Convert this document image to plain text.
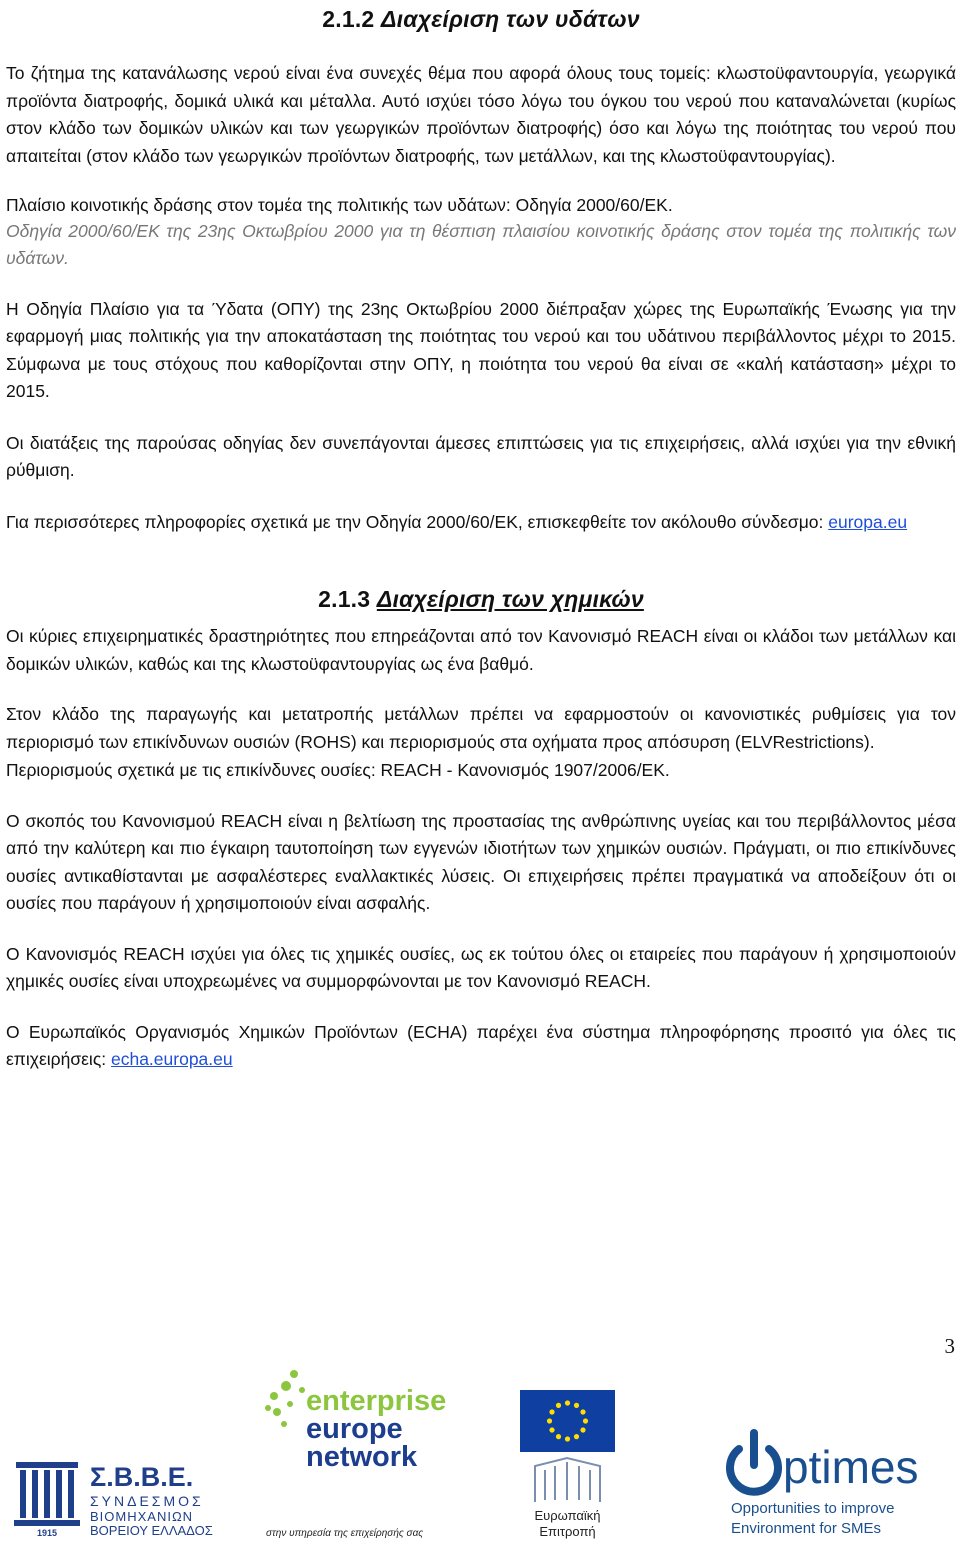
2.1.2 Διαχείριση των υδάτων

Το ζήτημα της κατανάλωσης νερού είναι ένα συνεχές θέμα που αφορά όλους τους τομείς: κλωστοϋφαντουργία, γεωργικά προϊόντα διατροφής, δομικά υλικά και μέταλλα. Αυτό ισχύει τόσο λόγω του όγκου του νερού που καταναλώνεται (κυρίως στον κλάδο των δομικών υλικών και των γεωργικών προϊόντων διατροφής) όσο και λόγω της ποιότητας του νερού που απαιτείται (στον κλάδο των γεωργικών προϊόντων διατροφής, των μετάλλων, και της κλωστοϋφαντουργίας).

Πλαίσιο κοινοτικής δράσης στον τομέα της πολιτικής των υδάτων: Οδηγία 2000/60/ΕΚ.

Οδηγία 2000/60/ΕΚ της 23ης Οκτωβρίου 2000 για τη θέσπιση πλαισίου κοινοτικής δράσης στον τομέα της πολιτικής των υδάτων.

Η Οδηγία Πλαίσιο για τα Ύδατα (ΟΠΥ) της 23ης Οκτωβρίου 2000 διέπραξαν χώρες της Ευρωπαϊκής Ένωσης για την εφαρμογή μιας πολιτικής για την αποκατάσταση της ποιότητας του νερού και του υδάτινου περιβάλλοντος μέχρι το 2015. Σύμφωνα με τους στόχους που καθορίζονται στην ΟΠΥ, η ποιότητα του νερού θα είναι σε «καλή κατάσταση» μέχρι το 2015.

Οι διατάξεις της παρούσας οδηγίας δεν συνεπάγονται άμεσες επιπτώσεις για τις επιχειρήσεις, αλλά ισχύει για την εθνική ρύθμιση.

Για περισσότερες πληροφορίες σχετικά με την Οδηγία 2000/60/ΕΚ, επισκεφθείτε τον ακόλουθο σύνδεσμο: europa.eu

2.1.3 Διαχείριση των χημικών

Οι κύριες επιχειρηματικές δραστηριότητες που επηρεάζονται από τον Κανονισμό REACH είναι οι κλάδοι των μετάλλων και δομικών υλικών, καθώς και της κλωστοϋφαντουργίας ως ένα βαθμό.

Στον κλάδο της παραγωγής και μετατροπής μετάλλων πρέπει να εφαρμοστούν οι κανονιστικές ρυθμίσεις για τον περιορισμό των επικίνδυνων ουσιών (ROHS) και περιορισμούς στα οχήματα προς απόσυρση (ELVRestrictions).

Περιορισμούς σχετικά με τις επικίνδυνες ουσίες: REACH - Κανονισμός 1907/2006/ΕΚ.

Ο σκοπός του Κανονισμού REACH είναι η βελτίωση της προστασίας της ανθρώπινης υγείας και του περιβάλλοντος μέσα από την καλύτερη και πιο έγκαιρη ταυτοποίηση των εγγενών ιδιοτήτων των χημικών ουσιών. Πράγματι, οι πιο επικίνδυνες ουσίες αντικαθίστανται με ασφαλέστερες εναλλακτικές λύσεις. Οι επιχειρήσεις πρέπει πραγματικά να αποδείξουν ότι οι ουσίες που παράγουν ή χρησιμοποιούν είναι ασφαλής.

Ο Κανονισμός REACH ισχύει για όλες τις χημικές ουσίες, ως εκ τούτου όλες οι εταιρείες που παράγουν ή χρησιμοποιούν χημικές ουσίες είναι υποχρεωμένες να συμμορφώνονται με τον Κανονισμό REACH.

Ο Ευρωπαϊκός Οργανισμός Χημικών Προϊόντων (ECHA) παρέχει ένα σύστημα πληροφόρησης προσιτό για όλες τις επιχειρήσεις: echa.europa.eu

3
1915
Σ.Β.Β.Ε.
ΣΥΝΔΕΣΜΟΣ
ΒΙΟΜΗΧΑΝΙΩΝ
ΒΟΡΕΙΟΥ ΕΛΛΑΔΟΣ
enterprise
europe
network
στην υπηρεσία της επιχείρησής σας
Ευρωπαϊκή
Επιτροπή
ptimes
Opportunities to improve
Environment for SMEs
